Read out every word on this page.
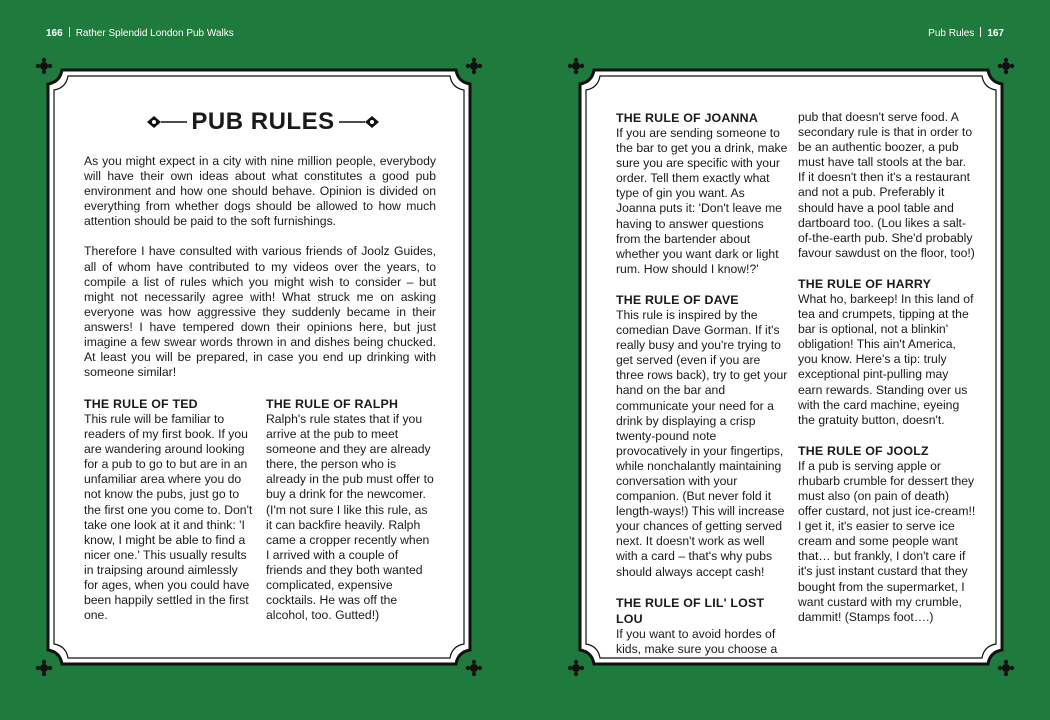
166 Rather Splendid London Pub Walks	Pub Rules 167
PUB RULES

As you might expect in a city with nine million people, everybody will have their own ideas about what constitutes a good pub environment and how one should behave. Opinion is divided on everything from whether dogs should be allowed to how much attention should be paid to the soft furnishings.

Therefore I have consulted with various friends of Joolz Guides, all of whom have contributed to my videos over the years, to compile a list of rules which you might wish to consider – but might not necessarily agree with! What struck me on asking everyone was how aggressive they suddenly became in their answers! I have tempered down their opinions here, but just imagine a few swear words thrown in and dishes being chucked. At least you will be prepared, in case you end up drinking with someone similar!

THE RULE OF TED

This rule will be familiar to readers of my first book. If you are wandering around looking for a pub to go to but are in an unfamiliar area where you do not know the pubs, just go to the first one you come to. Don't take one look at it and think: 'I know, I might be able to find a nicer one.' This usually results in traipsing around aimlessly for ages, when you could have been happily settled in the first one.

THE RULE OF RALPH

Ralph's rule states that if you arrive at the pub to meet someone and they are already there, the person who is already in the pub must offer to buy a drink for the newcomer. (I'm not sure I like this rule, as it can backfire heavily. Ralph came a cropper recently when I arrived with a couple of friends and they both wanted complicated, expensive cocktails. He was off the alcohol, too. Gutted!)

THE RULE OF JOANNA

If you are sending someone to the bar to get you a drink, make sure you are specific with your order. Tell them exactly what type of gin you want. As Joanna puts it: 'Don't leave me having to answer questions from the bartender about whether you want dark or light rum. How should I know!?'

THE RULE OF DAVE

This rule is inspired by the comedian Dave Gorman. If it's really busy and you're trying to get served (even if you are three rows back), try to get your hand on the bar and communicate your need for a drink by displaying a crisp twenty-pound note provocatively in your fingertips, while nonchalantly maintaining conversation with your companion. (But never fold it length-ways!) This will increase your chances of getting served next. It doesn't work as well with a card – that's why pubs should always accept cash!

THE RULE OF LIL' LOST LOU

If you want to avoid hordes of kids, make sure you choose a

pub that doesn't serve food. A secondary rule is that in order to be an authentic boozer, a pub must have tall stools at the bar. If it doesn't then it's a restaurant and not a pub. Preferably it should have a pool table and dartboard too. (Lou likes a salt-of-the-earth pub. She'd probably favour sawdust on the floor, too!)

THE RULE OF HARRY

What ho, barkeep! In this land of tea and crumpets, tipping at the bar is optional, not a blinkin' obligation! This ain't America, you know. Here's a tip: truly exceptional pint-pulling may earn rewards. Standing over us with the card machine, eyeing the gratuity button, doesn't.

THE RULE OF JOOLZ

If a pub is serving apple or rhubarb crumble for dessert they must also (on pain of death) offer custard, not just ice-cream!! I get it, it's easier to serve ice cream and some people want that… but frankly, I don't care if it's just instant custard that they bought from the supermarket, I want custard with my crumble, dammit! (Stamps foot….)
